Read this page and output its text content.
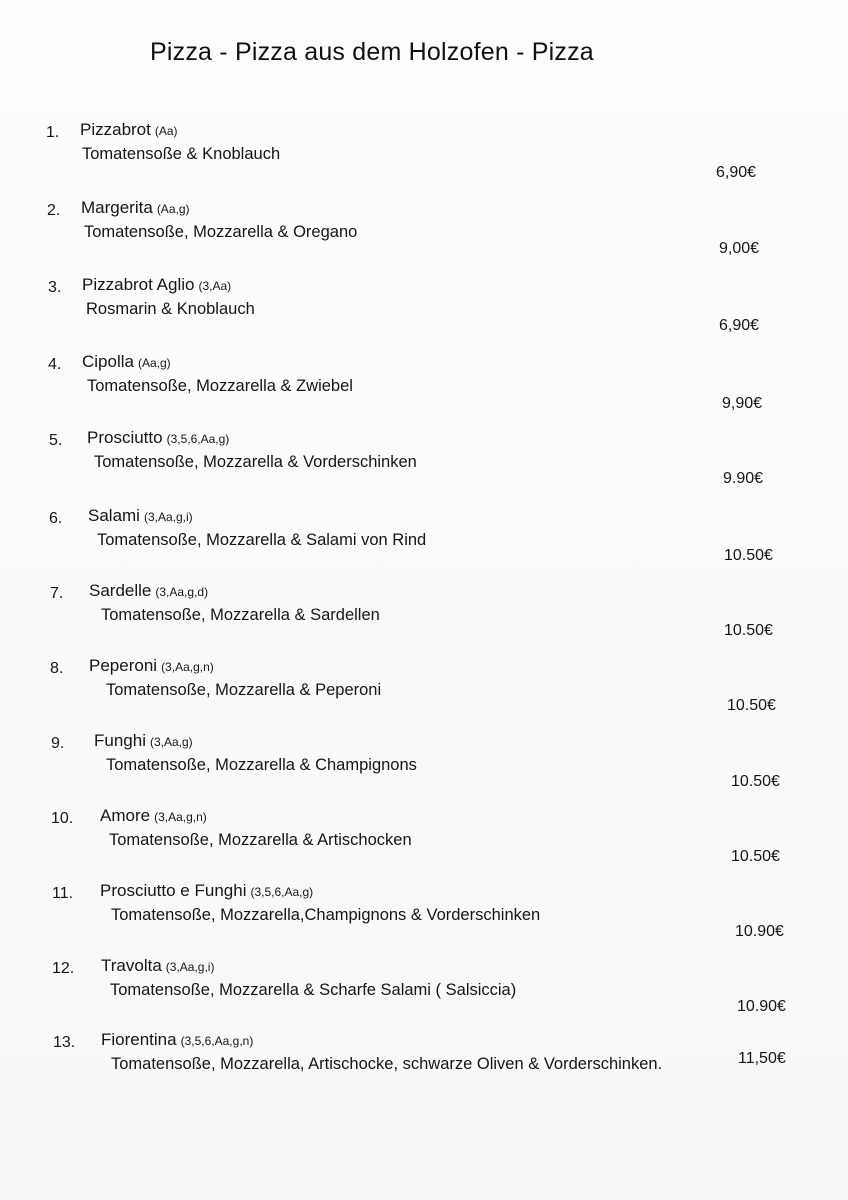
Pizza - Pizza aus dem Holzofen - Pizza
1. Pizzabrot (Aa)
Tomatensoße & Knoblauch
6,90€
2. Margerita (Aa,g)
Tomatensoße, Mozzarella & Oregano
9,00€
3. Pizzabrot Aglio (3,Aa)
Rosmarin & Knoblauch
6,90€
4. Cipolla (Aa,g)
Tomatensoße, Mozzarella & Zwiebel
9,90€
5. Prosciutto (3,5,6,Aa,g)
Tomatensoße, Mozzarella & Vorderschinken
9.90€
6. Salami (3,Aa,g,i)
Tomatensoße, Mozzarella & Salami von Rind
10.50€
7. Sardelle (3,Aa,g,d)
Tomatensoße, Mozzarella & Sardellen
10.50€
8. Peperoni (3,Aa,g,n)
Tomatensoße, Mozzarella & Peperoni
10.50€
9. Funghi (3,Aa,g)
Tomatensoße, Mozzarella & Champignons
10.50€
10. Amore (3,Aa,g,n)
Tomatensoße, Mozzarella & Artischocken
10.50€
11. Prosciutto e Funghi (3,5,6,Aa,g)
Tomatensoße, Mozzarella,Champignons & Vorderschinken
10.90€
12. Travolta (3,Aa,g,i)
Tomatensoße, Mozzarella & Scharfe Salami ( Salsiccia)
10.90€
13. Fiorentina (3,5,6,Aa,g,n)
Tomatensoße, Mozzarella, Artischocke, schwarze Oliven & Vorderschinken.	11,50€
